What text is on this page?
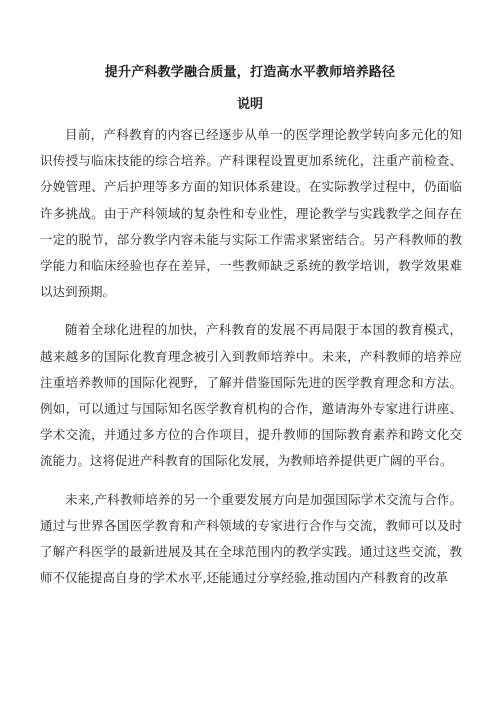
提升产科教学融合质量，打造高水平教师培养路径
说明

目前，产科教育的内容已经逐步从单一的医学理论教学转向多元化的知识传授与临床技能的综合培养。产科课程设置更加系统化，注重产前检查、分娩管理、产后护理等多方面的知识体系建设。在实际教学过程中，仍面临许多挑战。由于产科领域的复杂性和专业性，理论教学与实践教学之间存在一定的脱节，部分教学内容未能与实际工作需求紧密结合。另产科教师的教学能力和临床经验也存在差异，一些教师缺乏系统的教学培训，教学效果难以达到预期。

随着全球化进程的加快，产科教育的发展不再局限于本国的教育模式，越来越多的国际化教育理念被引入到教师培养中。未来，产科教师的培养应注重培养教师的国际化视野，了解并借鉴国际先进的医学教育理念和方法。例如，可以通过与国际知名医学教育机构的合作，邀请海外专家进行讲座、学术交流，并通过多方位的合作项目，提升教师的国际教育素养和跨文化交流能力。这将促进产科教育的国际化发展，为教师培养提供更广阔的平台。

未来,产科教师培养的另一个重要发展方向是加强国际学术交流与合作。通过与世界各国医学教育和产科领域的专家进行合作与交流，教师可以及时了解产科医学的最新进展及其在全球范围内的教学实践。通过这些交流，教师不仅能提高自身的学术水平,还能通过分享经验,推动国内产科教育的改革
